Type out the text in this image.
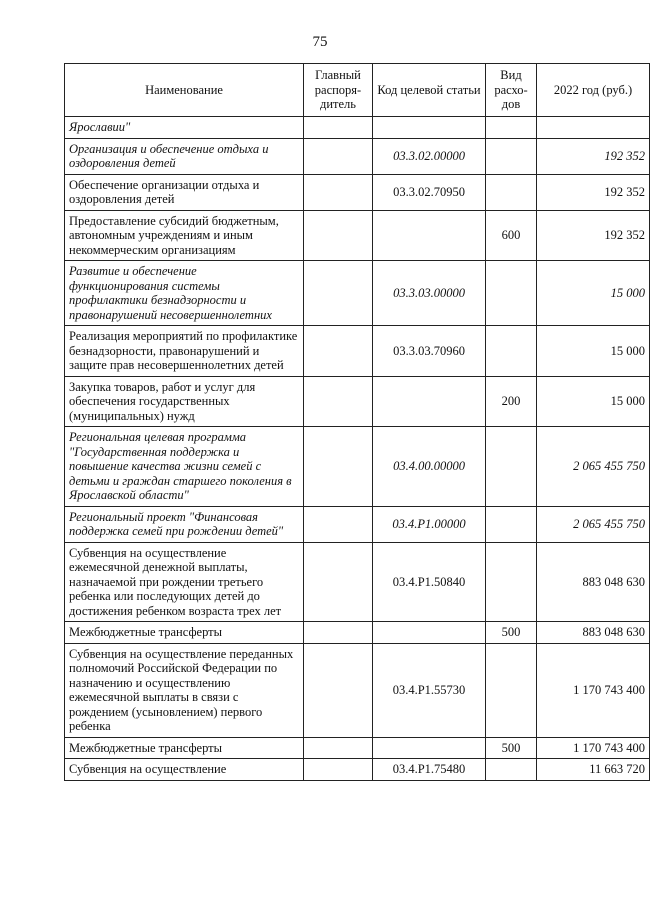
75
Наименование	Главный распоря-дитель	Код целевой статьи	Вид расхо-дов	2022 год (руб.)
Ярославии"				
Организация и обеспечение отдыха и оздоровления детей		03.3.02.00000		192 352
Обеспечение организации отдыха и оздоровления детей		03.3.02.70950		192 352
Предоставление субсидий бюджетным, автономным учреждениям и иным некоммерческим организациям			600	192 352
Развитие и обеспечение функционирования системы профилактики безнадзорности и правонарушений несовершеннолетних		03.3.03.00000		15 000
Реализация мероприятий по профилактике безнадзорности, правонарушений и защите прав несовершеннолетних детей		03.3.03.70960		15 000
Закупка товаров, работ и услуг для обеспечения государственных (муниципальных) нужд			200	15 000
Региональная целевая программа "Государственная поддержка и повышение качества жизни семей с детьми и граждан старшего поколения в Ярославской области"		03.4.00.00000		2 065 455 750
Региональный проект "Финансовая поддержка семей при рождении детей"		03.4.Р1.00000		2 065 455 750
Субвенция на осуществление ежемесячной денежной выплаты, назначаемой при рождении третьего ребенка или последующих детей до достижения ребенком возраста трех лет		03.4.Р1.50840		883 048 630
Межбюджетные трансферты			500	883 048 630
Субвенция на осуществление переданных полномочий Российской Федерации по назначению и осуществлению ежемесячной выплаты в связи с рождением (усыновлением) первого ребенка		03.4.Р1.55730		1 170 743 400
Межбюджетные трансферты			500	1 170 743 400
Субвенция на осуществление		03.4.Р1.75480		11 663 720
